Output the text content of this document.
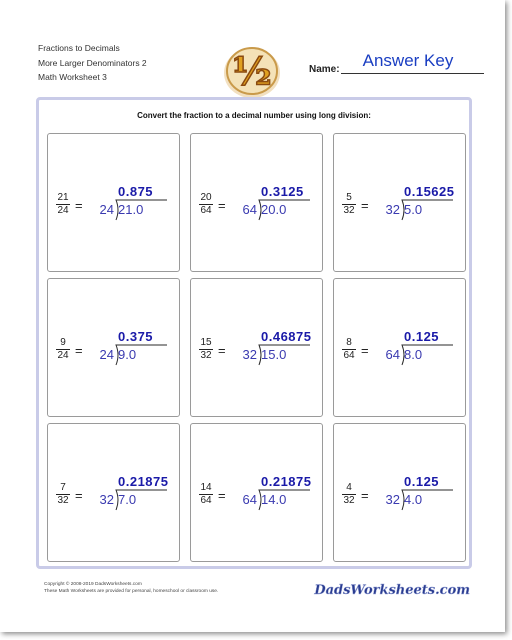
Fractions to Decimals
More Larger Denominators 2
Math Worksheet 3	½	Name:	Answer Key
Convert the fraction to a decimal number using long division:
21
24 =	24 21.0
0.875	20
64 =	64 20.0
0.3125	5
32 =	32 5.0
0.15625
9
24 =	24 9.0
0.375	15
32 =	32 15.0
0.46875	8
64 =	64 8.0
0.125
7
32 =	32 7.0
0.21875	14
64 =	64 14.0
0.21875	4
32 =	32 4.0
0.125
Copyright © 2008-2019 DadsWorksheets.com
These Math Worksheets are provided for personal, homeschool or classroom use.	DadsWorksheets.com
